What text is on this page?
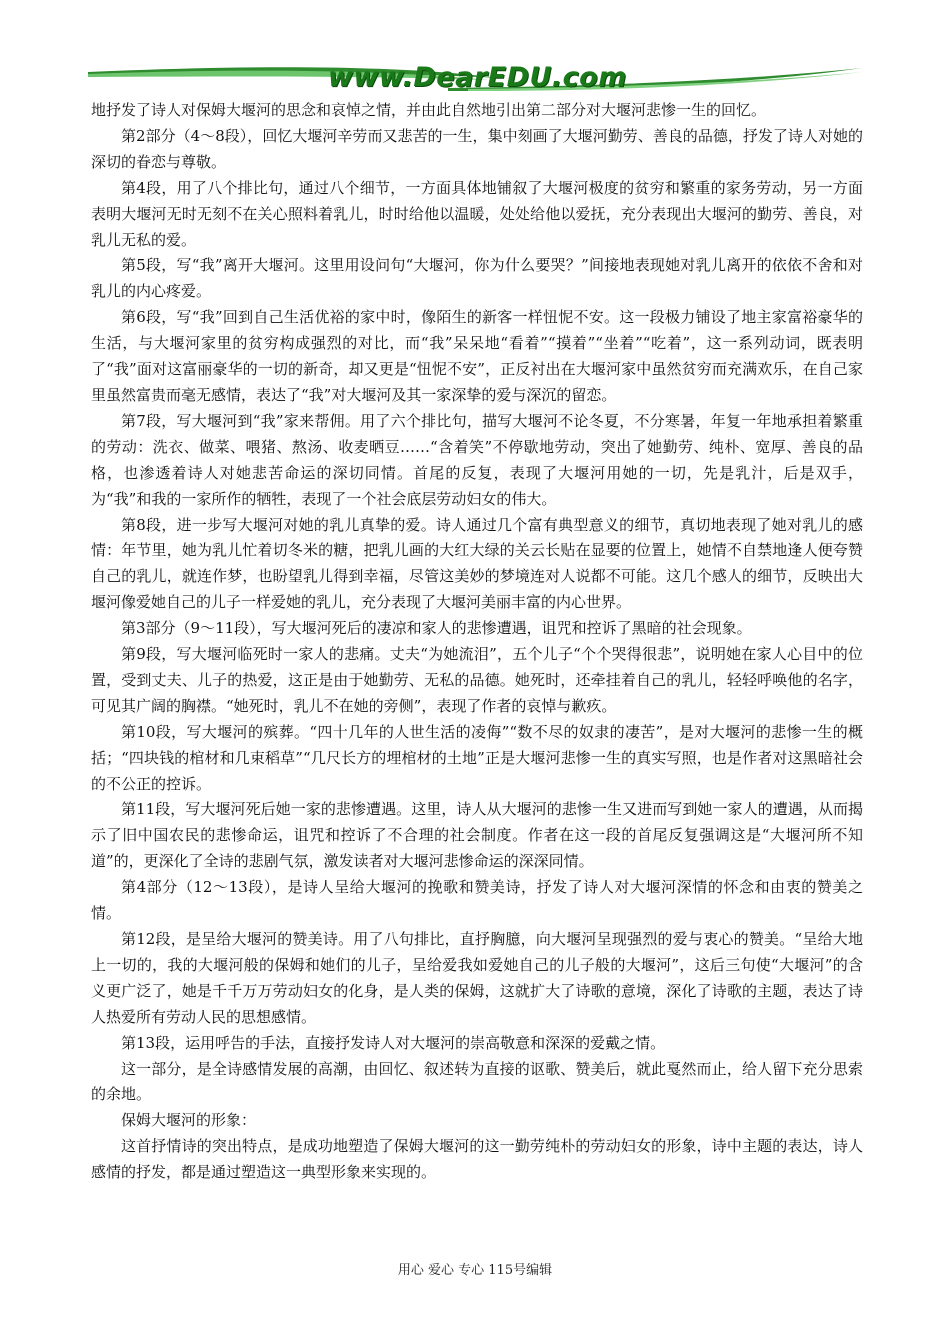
www.DearEDU.com

地抒发了诗人对保姆大堰河的思念和哀悼之情，并由此自然地引出第二部分对大堰河悲惨一生的回忆。

第2部分（4～8段），回忆大堰河辛劳而又悲苦的一生，集中刻画了大堰河勤劳、善良的品德，抒发了诗人对她的深切的眷恋与尊敬。

第4段，用了八个排比句，通过八个细节，一方面具体地铺叙了大堰河极度的贫穷和繁重的家务劳动，另一方面表明大堰河无时无刻不在关心照料着乳儿，时时给他以温暖，处处给他以爱抚，充分表现出大堰河的勤劳、善良，对乳儿无私的爱。

第5段，写“我”离开大堰河。这里用设问句“大堰河，你为什么要哭？”间接地表现她对乳儿离开的依依不舍和对乳儿的内心疼爱。

第6段，写“我”回到自己生活优裕的家中时，像陌生的新客一样忸怩不安。这一段极力铺设了地主家富裕豪华的生活，与大堰河家里的贫穷构成强烈的对比，而“我”呆呆地“看着”“摸着”“坐着”“吃着”，这一系列动词，既表明了“我”面对这富丽豪华的一切的新奇，却又更是“忸怩不安”，正反衬出在大堰河家中虽然贫穷而充满欢乐，在自己家里虽然富贵而毫无感情，表达了“我”对大堰河及其一家深挚的爱与深沉的留恋。

第7段，写大堰河到“我”家来帮佣。用了六个排比句，描写大堰河不论冬夏，不分寒暑，年复一年地承担着繁重的劳动：洗衣、做菜、喂猪、熬汤、收麦晒豆……“含着笑”不停歇地劳动，突出了她勤劳、纯朴、宽厚、善良的品格，也渗透着诗人对她悲苦命运的深切同情。首尾的反复，表现了大堰河用她的一切，先是乳汁，后是双手，为“我”和我的一家所作的牺牲，表现了一个社会底层劳动妇女的伟大。

第8段，进一步写大堰河对她的乳儿真挚的爱。诗人通过几个富有典型意义的细节，真切地表现了她对乳儿的感情：年节里，她为乳儿忙着切冬米的糖，把乳儿画的大红大绿的关云长贴在显要的位置上，她情不自禁地逢人便夸赞自己的乳儿，就连作梦，也盼望乳儿得到幸福，尽管这美妙的梦境连对人说都不可能。这几个感人的细节，反映出大堰河像爱她自己的儿子一样爱她的乳儿，充分表现了大堰河美丽丰富的内心世界。

第3部分（9～11段），写大堰河死后的凄凉和家人的悲惨遭遇，诅咒和控诉了黑暗的社会现象。

第9段，写大堰河临死时一家人的悲痛。丈夫“为她流泪”，五个儿子“个个哭得很悲”，说明她在家人心目中的位置，受到丈夫、儿子的热爱，这正是由于她勤劳、无私的品德。她死时，还牵挂着自己的乳儿，轻轻呼唤他的名字，可见其广阔的胸襟。“她死时，乳儿不在她的旁侧”，表现了作者的哀悼与歉疚。

第10段，写大堰河的殡葬。“四十几年的人世生活的凌侮”“数不尽的奴隶的凄苦”，是对大堰河的悲惨一生的概括；“四块钱的棺材和几束稻草”“几尺长方的埋棺材的土地”正是大堰河悲惨一生的真实写照，也是作者对这黑暗社会的不公正的控诉。

第11段，写大堰河死后她一家的悲惨遭遇。这里，诗人从大堰河的悲惨一生又进而写到她一家人的遭遇，从而揭示了旧中国农民的悲惨命运，诅咒和控诉了不合理的社会制度。作者在这一段的首尾反复强调这是“大堰河所不知道”的，更深化了全诗的悲剧气氛，激发读者对大堰河悲惨命运的深深同情。

第4部分（12～13段），是诗人呈给大堰河的挽歌和赞美诗，抒发了诗人对大堰河深情的怀念和由衷的赞美之情。

第12段，是呈给大堰河的赞美诗。用了八句排比，直抒胸臆，向大堰河呈现强烈的爱与衷心的赞美。“呈给大地上一切的，我的大堰河般的保姆和她们的儿子，呈给爱我如爱她自己的儿子般的大堰河”，这后三句使“大堰河”的含义更广泛了，她是千千万万劳动妇女的化身，是人类的保姆，这就扩大了诗歌的意境，深化了诗歌的主题，表达了诗人热爱所有劳动人民的思想感情。

第13段，运用呼告的手法，直接抒发诗人对大堰河的崇高敬意和深深的爱戴之情。

这一部分，是全诗感情发展的高潮，由回忆、叙述转为直接的讴歌、赞美后，就此戛然而止，给人留下充分思索的余地。

保姆大堰河的形象：

这首抒情诗的突出特点，是成功地塑造了保姆大堰河的这一勤劳纯朴的劳动妇女的形象，诗中主题的表达，诗人感情的抒发，都是通过塑造这一典型形象来实现的。

用心 爱心 专心 115号编辑
